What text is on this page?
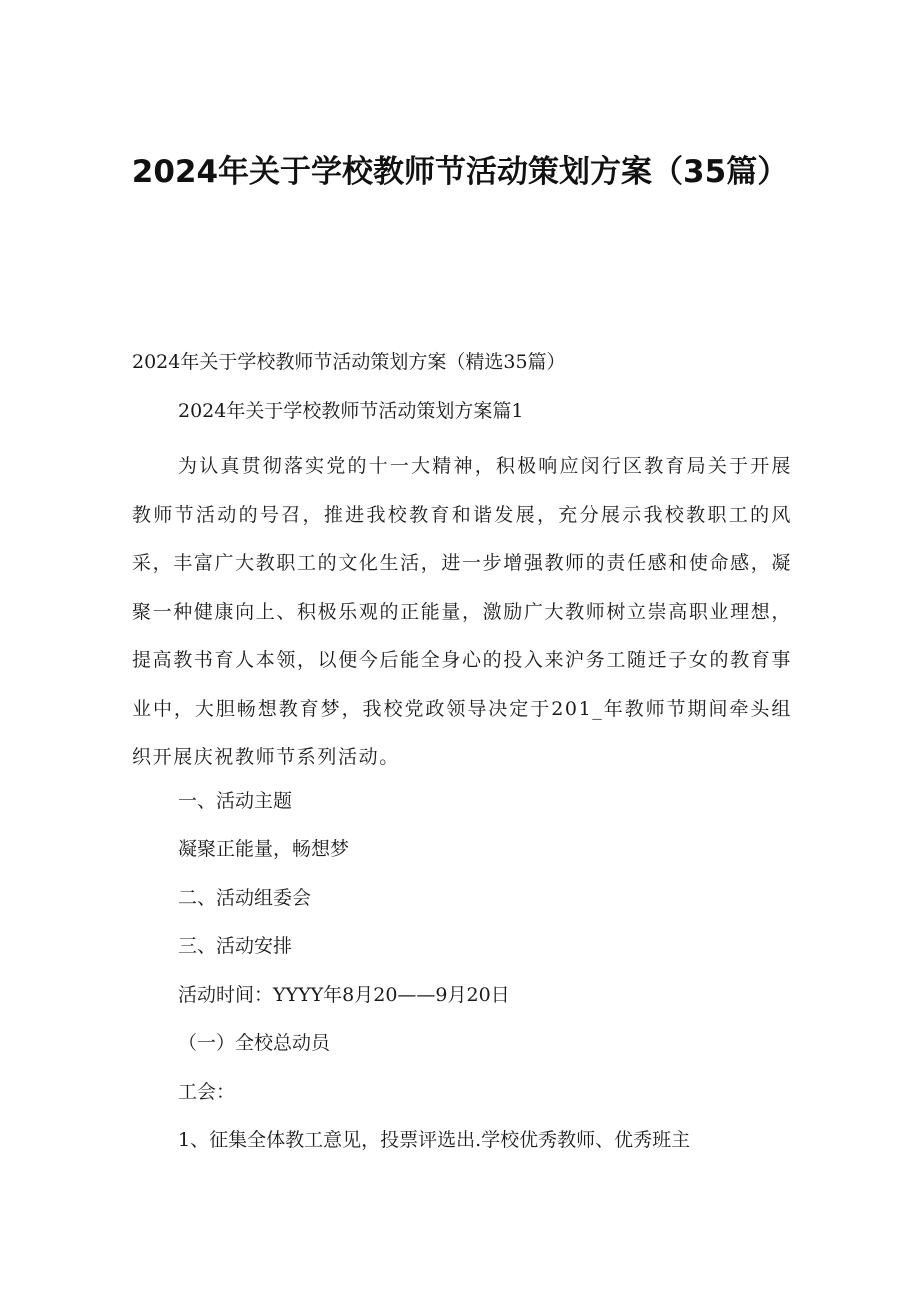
2024年关于学校教师节活动策划方案（35篇）

2024年关于学校教师节活动策划方案（精选35篇）

2024年关于学校教师节活动策划方案篇1

为认真贯彻落实党的十一大精神，积极响应闵行区教育局关于开展教师节活动的号召，推进我校教育和谐发展，充分展示我校教职工的风采，丰富广大教职工的文化生活，进一步增强教师的责任感和使命感，凝聚一种健康向上、积极乐观的正能量，激励广大教师树立崇高职业理想，提高教书育人本领，以便今后能全身心的投入来沪务工随迁子女的教育事业中，大胆畅想教育梦，我校党政领导决定于201_年教师节期间牵头组织开展庆祝教师节系列活动。

一、活动主题

凝聚正能量，畅想梦

二、活动组委会

三、活动安排

活动时间：YYYY年8月20——9月20日

（一）全校总动员

工会：

1、征集全体教工意见，投票评选出.学校优秀教师、优秀班主
